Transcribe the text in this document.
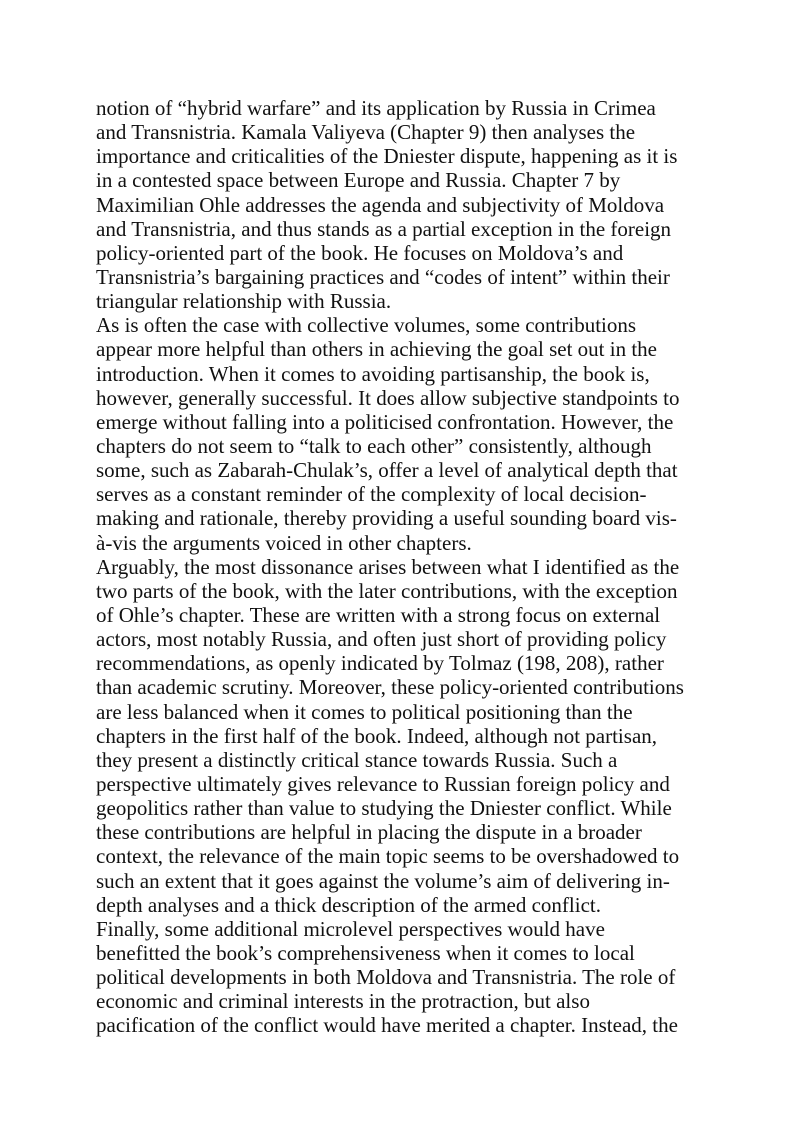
notion of “hybrid warfare” and its application by Russia in Crimea
and Transnistria. Kamala Valiyeva (Chapter 9) then analyses the
importance and criticalities of the Dniester dispute, happening as it is
in a contested space between Europe and Russia. Chapter 7 by
Maximilian Ohle addresses the agenda and subjectivity of Moldova
and Transnistria, and thus stands as a partial exception in the foreign
policy-oriented part of the book. He focuses on Moldova’s and
Transnistria’s bargaining practices and “codes of intent” within their
triangular relationship with Russia.
As is often the case with collective volumes, some contributions
appear more helpful than others in achieving the goal set out in the
introduction. When it comes to avoiding partisanship, the book is,
however, generally successful. It does allow subjective standpoints to
emerge without falling into a politicised confrontation. However, the
chapters do not seem to “talk to each other” consistently, although
some, such as Zabarah-Chulak’s, offer a level of analytical depth that
serves as a constant reminder of the complexity of local decision-
making and rationale, thereby providing a useful sounding board vis-
à-vis the arguments voiced in other chapters.
Arguably, the most dissonance arises between what I identified as the
two parts of the book, with the later contributions, with the exception
of Ohle’s chapter. These are written with a strong focus on external
actors, most notably Russia, and often just short of providing policy
recommendations, as openly indicated by Tolmaz (198, 208), rather
than academic scrutiny. Moreover, these policy-oriented contributions
are less balanced when it comes to political positioning than the
chapters in the first half of the book. Indeed, although not partisan,
they present a distinctly critical stance towards Russia. Such a
perspective ultimately gives relevance to Russian foreign policy and
geopolitics rather than value to studying the Dniester conflict. While
these contributions are helpful in placing the dispute in a broader
context, the relevance of the main topic seems to be overshadowed to
such an extent that it goes against the volume’s aim of delivering in-
depth analyses and a thick description of the armed conflict.
Finally, some additional microlevel perspectives would have
benefitted the book’s comprehensiveness when it comes to local
political developments in both Moldova and Transnistria. The role of
economic and criminal interests in the protraction, but also
pacification of the conflict would have merited a chapter. Instead, the
